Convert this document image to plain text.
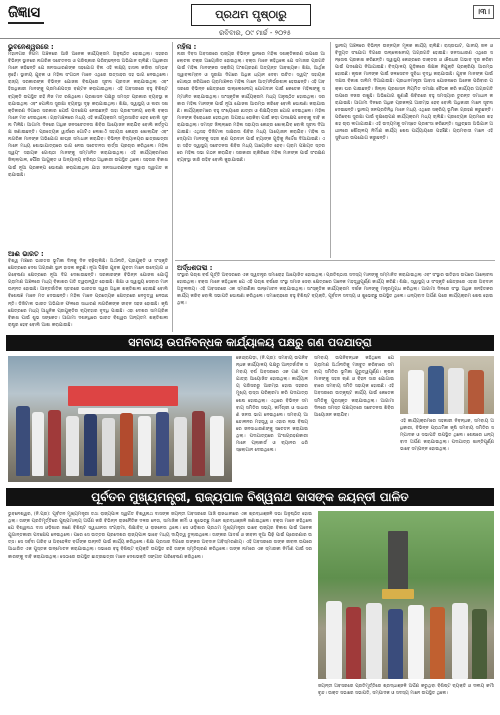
ଜିଜ୍ଞାସ	ପ୍ରଥମ ପୃଷ୍ଠାରୁ
ରବିବାର, ୦୯ ମାର୍ଚ୍ଚ - ୨୦୨୫
।୩।
ଭୁବନେଶ୍ୱରରେ :
ମହାନଗର ନିଗମ ଅଞ୍ଚଳରେ ଆଜି ଅନେକ କାର୍ଯ୍ୟକ୍ରମ ଅନୁଷ୍ଠିତ ହୋଇଥିଲା। ସହରର ବିଭିନ୍ନ ସ୍ଥାନରେ ନାଗରିକ ସଚେତନତା ଓ ପରିଷ୍କାର ପରିଚ୍ଛନ୍ନତା ଅଭିଯାନ ଚାଲିଛି। ଅଧିକାରୀ ମାନେ କହିଛନ୍ତି ଯେ ଜନସାଧାରଣଙ୍କ ସହଯୋଗ ବିନା ଏହି ଲକ୍ଷ୍ୟ ହାସଲ କରିବା ସମ୍ଭବ ନୁହେଁ। ସ୍ଥାନୀୟ ଯୁବକ ଓ ମହିଳା ସଂଗଠନ ମାନେ ଏଥିରେ ଉତ୍ସାହର ସହ ଭାଗ ନେଇଥିଲେ। ରାଜ୍ୟ ସରକାରଙ୍କ ବିଭିନ୍ନ ଯୋଜନା ବିଷୟରେ ସୂଚନା ପ୍ରଦାନ କରାଯାଇଥିଲା ଏବଂ ହିତାଧିକାରୀ ମାନଙ୍କୁ ପ୍ରମାଣପତ୍ର ବଣ୍ଟନ କରାଯାଇଥିଲା। ଏହି ଅବସରରେ ବହୁ ବିଶିଷ୍ଟ ବ୍ୟକ୍ତି ଉପସ୍ଥିତ ରହି ନିଜ ମତ ରଖିଥିଲେ। ପ୍ରଶାସନ ପକ୍ଷରୁ ସମସ୍ତ ପ୍ରକାର ବ୍ୟବସ୍ଥା କରାଯାଇଥିଲା ଏବଂ ପୋଲିସ ସୁରକ୍ଷା ବ୍ୟବସ୍ଥା ଦୃଢ଼ କରାଯାଇଥିଲା। ଶିକ୍ଷା, ସ୍ୱାସ୍ଥ୍ୟ ଓ ନାରୀ ସଶକ୍ତିକରଣ ଦିଗରେ ସରକାର ଯେଉଁ ପଦକ୍ଷେପ ନେଇଛନ୍ତି ତାହା ପ୍ରଶଂସନୀୟ ବୋଲି ବକ୍ତା ମାନେ ମତ ଦେଇଥିଲେ। ଗ୍ରାମାଞ୍ଚଳରେ ମଧ୍ୟ ଏହି କାର୍ଯ୍ୟକ୍ରମ ସମ୍ପ୍ରସାରିତ ହେବ ବୋଲି ସୂଚନା ମିଳିଛି। ଆଗାମୀ ଦିନରେ ଅଧିକ ଜନସଚେତନତା ଶିବିର ଆୟୋଜନ କରାଯିବ ବୋଲି କର୍ତ୍ତୃପକ୍ଷ ଜଣାଇଛନ୍ତି। ପ୍ରତ୍ୟେକ ୱାର୍ଡରେ ଗୋଟିଏ ଲେଖାଏଁ ସହାୟତା କେନ୍ଦ୍ର ଖୋଲାଯିବ ଏବଂ ନାଗରିକ ମାନଙ୍କ ଅଭିଯୋଗ ଶୀଘ୍ର ସମାଧାନ କରାଯିବ। ବିଭିନ୍ନ ବିଦ୍ୟାଳୟର ଛାତ୍ରଛାତ୍ରୀ ମାନେ ମଧ୍ୟ ଶୋଭାଯାତ୍ରାରେ ଭାଗ ନେଇ ସଚେତନତା ବାର୍ତ୍ତା ପ୍ରଚାର କରିଥିଲେ। ମହିଳା ସ୍ୱୟଂ ସହାୟକ ଗୋଷ୍ଠୀ ମାନଙ୍କୁ ସମ୍ମାନିତ କରାଯାଇଥିଲା। ଏହି କାର୍ଯ୍ୟକ୍ରମରେ ଜିଲ୍ଲାପାଳ, ପୌର ଆୟୁକ୍ତ ଓ ଅନ୍ୟାନ୍ୟ ବରିଷ୍ଠ ଅଧିକାରୀ ଉପସ୍ଥିତ ଥିଲେ। ସହରର ବିକାଶ ପାଇଁ ନୂଆ ପ୍ରକଳ୍ପ ଘୋଷଣା କରାଯାଇଥିଲା ଯାହା ଜନସାଧାରଣଙ୍କ ଦ୍ୱାରା ସ୍ୱାଗତ କରାଯାଇଛି।
ଆଈ ଭାରତ :
ବିଶ୍ୱ ମଞ୍ଚରେ ଭାରତର ଭୂମିକା ଦିନକୁ ଦିନ ବଢ଼ିଚାଲିଛି। ଅର୍ଥନୀତି, ପ୍ରଯୁକ୍ତି ଓ ସଂସ୍କୃତି କ୍ଷେତ୍ରରେ ଦେଶ ଅଗ୍ରଣୀ ସ୍ଥାନ ହାସଲ କରୁଛି। ନୂଆ ପିଢ଼ିର ଯୁବକ ଯୁବତୀ ମାନେ ଉଦ୍ୟୋଗ ଓ ଗବେଷଣା କ୍ଷେତ୍ରରେ ନୂଆ ଦିଗ ଦେଖାଉଛନ୍ତି। ସରକାରଙ୍କ ବିଭିନ୍ନ ଯୋଜନା ଯୋଗୁଁ ଗ୍ରାମୀଣ ଅଞ୍ଚଳରେ ମଧ୍ୟ ବିକାଶର ଗତି ତ୍ୱରାନ୍ୱିତ ହୋଇଛି। ଶିକ୍ଷା ଓ ସ୍ୱାସ୍ଥ୍ୟ ସେବାର ମାନ ଉନ୍ନତ ହୋଇଛି। ଆନ୍ତର୍ଜାତିକ ସ୍ତରରେ ଭାରତର ସ୍ୱର ଅଧିକ ଶକ୍ତିଶାଳୀ ହୋଇଛି ବୋଲି ବିଶେଷଜ୍ଞ ମାନେ ମତ ଦେଉଛନ୍ତି। ମହିଳା ମାନେ ପ୍ରତ୍ୟେକ କ୍ଷେତ୍ରରେ ନେତୃତ୍ୱ ନେଉଛନ୍ତି। ଡିଜିଟାଲ ଭାରତ ଅଭିଯାନ ଫଳରେ ସାଧାରଣ ନାଗରିକଙ୍କ ଜୀବନ ସହଜ ହୋଇଛି। କୃଷି କ୍ଷେତ୍ରରେ ମଧ୍ୟ ଆଧୁନିକ ପ୍ରଯୁକ୍ତିର ବ୍ୟବହାର ବୃଦ୍ଧି ପାଇଛି। ଏହା ଦେଶର ସାମଗ୍ରିକ ବିକାଶ ପାଇଁ ଶୁଭ ସଙ୍କେତ। ଆଗାମୀ ଦଶନ୍ଧିରେ ଭାରତ ବିଶ୍ୱର ଅନ୍ୟତମ ଶକ୍ତିଶାଳୀ ରାଷ୍ଟ୍ର ହେବ ବୋଲି ଆଶା କରାଯାଉଛି।
ମହିଳା :
ନାରୀ ଦିବସ ଅବସରରେ ରାଜ୍ୟର ବିଭିନ୍ନ ସ୍ଥାନରେ ମହିଳା ସଶକ୍ତିକରଣ ଉପରେ ଆଲୋଚନା ଚକ୍ର ଆୟୋଜିତ ହୋଇଥିଲା। ବକ୍ତା ମାନେ କହିଥିଲେ ଯେ ସମାଜର ପ୍ରଗତି ପାଇଁ ମହିଳା ମାନଙ୍କର ସକ୍ରିୟ ଅଂଶଗ୍ରହଣ ଅତ୍ୟନ୍ତ ଆବଶ୍ୟକ। ଶିକ୍ଷା, ଆର୍ଥିକ ସ୍ୱାବଲମ୍ବନ ଓ ସୁରକ୍ଷା ଦିଗରେ ଅଧିକ ଧ୍ୟାନ ଦେବା ଉଚିତ। ସ୍ୱୟଂ ସହାୟକ ଗୋଷ୍ଠୀ ଜରିଆରେ ଗ୍ରାମାଞ୍ଚଳର ମହିଳା ମାନେ ଆତ୍ମନିର୍ଭରଶୀଳ ହେଉଛନ୍ତି। ଏହି ଅବସରରେ ବିଭିନ୍ନ କ୍ଷେତ୍ରରେ ଉଲ୍ଲେଖନୀୟ ଯୋଗଦାନ ପାଇଁ କେତେକ ମହିଳାଙ୍କୁ ସମ୍ମାନିତ କରାଯାଇଥିଲା। ସାଂସ୍କୃତିକ କାର୍ଯ୍ୟକ୍ରମ ମଧ୍ୟ ଅନୁଷ୍ଠିତ ହୋଇଥିଲା। ସରକାର ମହିଳା ମାନଙ୍କ ପାଇଁ ନୂଆ ଯୋଜନା ଆରମ୍ଭ କରିବେ ବୋଲି ଘୋଷଣା କରାଯାଇଛି। କାର୍ଯ୍ୟକ୍ରମରେ ବହୁ ସଂଖ୍ୟାରେ ଛାତ୍ରୀ ଓ ଶିକ୍ଷୟିତ୍ରୀ ଯୋଗ ଦେଇଥିଲେ। ମହିଳା ମାନଙ୍କ ବିରୋଧରେ ହେଉଥିବା ଅପରାଧ ରୋକିବା ପାଇଁ କଡ଼ା ପଦକ୍ଷେପ ନେବାକୁ ଦାବି କରାଯାଇଥିଲା। ସମସ୍ତ ଜିଲ୍ଲାରେ ମହିଳା ସହାୟତା କେନ୍ଦ୍ର ଖୋଲାଯିବ ବୋଲି ସୂଚନା ଦିଆଯାଇଛି। ଏଥିସହ ଡିଜିଟାଲ ସାକ୍ଷରତା ଶିବିର ମଧ୍ୟ ଆୟୋଜନ କରାଯିବ। ମହିଳା ଉଦ୍ୟୋଗୀ ମାନଙ୍କୁ ସହଜ ଋଣ ପ୍ରଦାନ ପାଇଁ ବ୍ୟାଙ୍କ ଗୁଡ଼ିକୁ ନିର୍ଦ୍ଦେଶ ଦିଆଯାଇଛି। ଏହା ସହିତ ସ୍ୱାସ୍ଥ୍ୟ ସଚେତନତା ଶିବିର ମଧ୍ୟ ଆୟୋଜିତ ହେବ। ଗ୍ରାମ ପଞ୍ଚାୟତ ସ୍ତରରେ ମହିଳା ସଭା ଗଠନ କରାଯିବ। ସରକାରୀ ଚାକିରିରେ ମହିଳା ମାନଙ୍କ ପାଇଁ ସଂରକ୍ଷଣ ବ୍ୟବସ୍ଥା ଜାରି ରହିବ ବୋଲି କୁହାଯାଇଛି।
ସ୍ଥାନୀୟ ଅଞ୍ଚଳରେ ବିଭିନ୍ନ ଉନ୍ନୟନ ମୂଳକ କାର୍ଯ୍ୟ ଚାଲିଛି। ରାସ୍ତାଘାଟ, ପାନୀୟ ଜଳ ଓ ବିଦ୍ୟୁତ ସଂଯୋଗ ଦିଗରେ ଉଲ୍ଲେଖନୀୟ ଅଗ୍ରଗତି ହୋଇଛି। ଜନସାଧାରଣ ଏଥିରେ ସନ୍ତୋଷ ପ୍ରକାଶ କରିଛନ୍ତି। ସ୍ୱାସ୍ଥ୍ୟ କେନ୍ଦ୍ରରେ ଡାକ୍ତର ଓ ଔଷଧର ଅଭାବ ଦୂର କରିବା ପାଇଁ ପଦକ୍ଷେପ ନିଆଯାଇଛି। ବିଦ୍ୟାଳୟ ଗୁଡ଼ିକରେ ଶିକ୍ଷକ ନିଯୁକ୍ତି ପ୍ରକ୍ରିୟା ଆରମ୍ଭ ହୋଇଛି। କୃଷକ ମାନଙ୍କ ପାଇଁ ଜଳସେଚନ ସୁବିଧା ବୃଦ୍ଧି କରାଯାଉଛି। ଯୁବକ ମାନଙ୍କ ପାଇଁ ଦକ୍ଷତା ବିକାଶ ତାଲିମ ଦିଆଯାଉଛି। ପ୍ରଧାନମନ୍ତ୍ରୀ ଆବାସ ଯୋଜନାରେ ଅନେକ ପରିବାର ପକ୍କା ଘର ପାଇଛନ୍ତି। ଜିଲ୍ଲା ପ୍ରଶାସନ ନିୟମିତ ସମୀକ୍ଷା ବୈଠକ କରି କାର୍ଯ୍ୟର ଅଗ୍ରଗତି ଉପରେ ନଜର ରଖୁଛି। ଅଭିଯୋଗ ଶୁଣାଣି ଶିବିରରେ ବହୁ ସମସ୍ୟାର ତୁରନ୍ତ ସମାଧାନ କରାଯାଇଛି। ଆଗାମୀ ଦିନରେ ଅଧିକ ପ୍ରକଳ୍ପ ଆରମ୍ଭ ହେବ ବୋଲି ଅଧିକାରୀ ମାନେ ସୂଚନା ଦେଇଛନ୍ତି। ସ୍ଥାନୀୟ ଜନପ୍ରତିନିଧି ମାନେ ମଧ୍ୟ ଏଥିରେ ସକ୍ରିୟ ଭୂମିକା ଗ୍ରହଣ କରୁଛନ୍ତି। ପରିବେଶ ସୁରକ୍ଷା ପାଇଁ ବୃକ୍ଷରୋପଣ କାର୍ଯ୍ୟକ୍ରମ ମଧ୍ୟ ଚାଲିଛି। ପ୍ରତ୍ୟେକ ଗ୍ରାମରେ ଶହ ଶହ ଚାରା ଲଗାଯାଉଛି। ଏହି ଉଦ୍ୟମକୁ ସମସ୍ତେ ପ୍ରଶଂସା କରିଛନ୍ତି। ସ୍ୱଚ୍ଛତା ଅଭିଯାନ ଅଧୀନରେ ଶୌଚାଳୟ ନିର୍ମାଣ କାର୍ଯ୍ୟ ଶେଷ ପର୍ଯ୍ୟାୟରେ ପହଞ୍ଚିଛି। ଗ୍ରାମବାସୀ ମାନେ ଏହି ସୁବିଧାର ଉପଯୋଗ କରୁଛନ୍ତି।
ଅର୍ଦ୍ଧଶତାବ୍ଦୀ :
ସଂସ୍ଥାର ପଚାଶ ବର୍ଷ ପୂର୍ତ୍ତି ଅବସରରେ ଏକ ସ୍ୱତନ୍ତ୍ର ସମାରୋହ ଆୟୋଜିତ ହୋଇଥିଲା। ପ୍ରତିଷ୍ଠାତା ସଦସ୍ୟ ମାନଙ୍କୁ ସମ୍ମାନିତ କରାଯାଇଥିଲା ଏବଂ ସଂସ୍ଥାର ଇତିହାସ ଉପରେ ଆଲୋଚନା ହୋଇଥିଲା। ବକ୍ତା ମାନେ କହିଥିଲେ ଯେ ଏହି ପଚାଶ ବର୍ଷରେ ସଂସ୍ଥା ସମାଜ ସେବା କ୍ଷେତ୍ରରେ ଅନେକ ମହତ୍ତ୍ୱପୂର୍ଣ୍ଣ କାର୍ଯ୍ୟ କରିଛି। ଶିକ୍ଷା, ସ୍ୱାସ୍ଥ୍ୟ ଓ ସଂସ୍କୃତି କ୍ଷେତ୍ରରେ ଏହାର ଅବଦାନ ଅତୁଳନୀୟ। ଏହି ଅବସରରେ ଏକ ସ୍ମରଣିକା ଉନ୍ମୋଚନ କରାଯାଇଥିଲା। ସାଂସ୍କୃତିକ କାର୍ଯ୍ୟକ୍ରମ ଦର୍ଶକ ମାନଙ୍କୁ ମନ୍ତ୍ରମୁଗ୍ଧ କରିଥିଲା। ଆଗାମୀ ଦିନରେ ସଂସ୍ଥା ଅଧିକ ଜନହିତକର କାର୍ଯ୍ୟ କରିବ ବୋଲି ସଭାପତି ଘୋଷଣା କରିଥିଲେ। ସମାରୋହରେ ବହୁ ବିଶିଷ୍ଟ ବ୍ୟକ୍ତି, ପୂର୍ବତନ ସଦସ୍ୟ ଓ ଶୁଭେଚ୍ଛୁ ଉପସ୍ଥିତ ଥିଲେ। ଧନ୍ୟବାଦ ଅର୍ପଣ ପରେ କାର୍ଯ୍ୟକ୍ରମ ଶେଷ ହୋଇଥିଲା।
ସମବାୟ ଉପନିବନ୍ଧକ କାର୍ଯ୍ୟାଳୟ ପକ୍ଷରୁ ଗଣ ପଦଯାତ୍ରା
କେନ୍ଦ୍ରାପଡ଼ା, (ନି.ପ୍ର): ସମବାୟ ଉପନିବନ୍ଧକ କାର୍ଯ୍ୟାଳୟ ପକ୍ଷରୁ ଆନ୍ତର୍ଜାତିକ ସମବାୟ ବର୍ଷ ଅବସରରେ ଏକ ଗଣ ପଦଯାତ୍ରା ଆୟୋଜିତ ହୋଇଥିଲା। କାର୍ଯ୍ୟାଳୟ ପରିସରରୁ ଆରମ୍ଭ ହୋଇ ସହରର ମୁଖ୍ୟ ରାସ୍ତା ପରିକ୍ରମା କରି ପଦଯାତ୍ରା ଶେଷ ହୋଇଥିଲା। ଏଥିରେ ବିଭିନ୍ନ ସମବାୟ ସମିତିର ସଭ୍ୟ, କର୍ମଚାରୀ ଓ ସାଧାରଣ ଜନତା ଭାଗ ନେଇଥିଲେ। ସମବାୟ ଆନ୍ଦୋଳନର ମହତ୍ତ୍ୱ ଓ ଏହାର ଲାଭ ବିଷୟରେ ଜନସାଧାରଣଙ୍କୁ ସଚେତନ କରାଯାଇଥିଲା। ପଦଯାତ୍ରାରେ ଅଂଶଗ୍ରହଣକାରୀ ମାନେ ପ୍ଲାକାର୍ଡ ଓ ବ୍ୟାନର ଧରି ସ୍ଲୋଗାନ ଦେଇଥିଲେ।
ସମବାୟ ଉପନିବନ୍ଧକ କହିଥିଲେ ଯେ ଗ୍ରାମୀଣ ଅର୍ଥନୀତିକୁ ମଜବୁତ କରିବାରେ ସମବାୟ ସମିତିର ଭୂମିକା ଗୁରୁତ୍ୱପୂର୍ଣ୍ଣ। କୃଷକ ମାନଙ୍କୁ ସହଜ ଋଣ ଓ ବିହନ ସାର ଯୋଗାଇବାରେ ସମବାୟ ସମିତି ସହାୟକ ହୋଇଛି। ଏହି ଅବସରରେ ଉତ୍କୃଷ୍ଟ କାର୍ଯ୍ୟ ପାଇଁ କେତେକ ସମିତିକୁ ପୁରସ୍କୃତ କରାଯାଇଥିଲା। ଆଗାମୀ ଦିନରେ ସମସ୍ତ ପଞ୍ଚାୟତରେ ସଚେତନତା ଶିବିର ଆୟୋଜନ କରାଯିବ।
ଏହି କାର୍ଯ୍ୟକ୍ରମରେ ସହକାରୀ ନିବନ୍ଧକ, ସମବାୟ ଅଧିକାରୀ, ବିଭିନ୍ନ ପ୍ରାଥମିକ କୃଷି ସମବାୟ ସମିତିର ସମ୍ପାଦକ ଓ ସଭାପତି ଉପସ୍ଥିତ ଥିଲେ। ଶେଷରେ ଧନ୍ୟବାଦ ଅର୍ପଣ କରାଯାଇଥିଲା। ପଦଯାତ୍ରା ଶାନ୍ତିପୂର୍ଣ୍ଣ ଭାବେ ସମ୍ପନ୍ନ ହୋଇଥିଲା।
ପୂର୍ବତନ ମୁଖ୍ୟମନ୍ତ୍ରୀ, ରାଜ୍ୟପାଳ ବିଶ୍ୱନାଥ ଦାସଙ୍କ ଜୟନ୍ତୀ ପାଳିତ
ଭୁବନେଶ୍ୱର, (ନି.ପ୍ର): ପୂର୍ବତନ ମୁଖ୍ୟମନ୍ତ୍ରୀ ତଥା ରାଜ୍ୟପାଳ ସ୍ୱର୍ଗତ ବିଶ୍ୱନାଥ ଦାସଙ୍କ ଜୟନ୍ତୀ ଅବସରରେ ଆଜି ରାଜଧାନୀରେ ଏକ ଶ୍ରଦ୍ଧାଞ୍ଜଳି ସଭା ଅନୁଷ୍ଠିତ ହୋଇଥିଲା। ତାଙ୍କ ପ୍ରତିମୂର୍ତ୍ତିରେ ପୁଷ୍ପମାଲ୍ୟ ଅର୍ପଣ କରି ବିଭିନ୍ନ ରାଜନୈତିକ ଦଳର ନେତା, ସାମାଜିକ କର୍ମୀ ଓ ଶୁଭେଚ୍ଛୁ ମାନେ ଶ୍ରଦ୍ଧାଞ୍ଜଳି ଜଣାଇଥିଲେ। ବକ୍ତା ମାନେ କହିଥିଲେ ଯେ ବିଶ୍ୱନାଥ ଦାସ ଓଡ଼ିଶାର ଜଣେ ବିଶିଷ୍ଟ ସ୍ୱାଧୀନତା ସଂଗ୍ରାମୀ, ଶିକ୍ଷାବିତ୍ ଓ ରାଜନେତା ଥିଲେ। ସେ ଓଡ଼ିଶାର ପ୍ରଥମ ମୁଖ୍ୟମନ୍ତ୍ରୀ ଭାବେ ରାଜ୍ୟର ବିକାଶ ପାଇଁ ଅନେକ ଯୁଗାନ୍ତକାରୀ ପଦକ୍ଷେପ ନେଇଥିଲେ। ପରେ ସେ ଉତ୍ତର ପ୍ରଦେଶର ରାଜ୍ୟପାଳ ଭାବେ ମଧ୍ୟ ଦାୟିତ୍ୱ ତୁଲାଇଥିଲେ। ତାଙ୍କର ଆଦର୍ଶ ଓ ଜୀବନୀ ନୂଆ ପିଢ଼ି ପାଇଁ ପ୍ରେରଣାର ଉତ୍ସ। ସେ ସର୍ବଦା ଗରିବ ଓ ଅବହେଳିତ ବର୍ଗଙ୍କ ଉନ୍ନତି ପାଇଁ କାର୍ଯ୍ୟ କରିଥିଲେ। ଶିକ୍ଷା ପ୍ରସାର ଦିଗରେ ତାଙ୍କର ଅବଦାନ ଅବିସ୍ମରଣୀୟ। ଏହି ଅବସରରେ ତାଙ୍କ ଜୀବନୀ ଉପରେ ଆଧାରିତ ଏକ ପୁସ୍ତକ ଉନ୍ମୋଚନ କରାଯାଇଥିଲା। ସଭାରେ ବହୁ ବିଶିଷ୍ଟ ବ୍ୟକ୍ତି ଉପସ୍ଥିତ ରହି ତାଙ୍କ ସ୍ମୃତିଚାରଣ କରିଥିଲେ। ତାଙ୍କ ନାମରେ ଏକ ସ୍ମାରକୀ ନିର୍ମାଣ ପାଇଁ ସରକାରଙ୍କୁ ଦାବି କରାଯାଇଥିଲା। ସେଠାରେ ଉପସ୍ଥିତ ଛାତ୍ରଛାତ୍ରୀ ମାନେ ଦେଶଭକ୍ତି ସଙ୍ଗୀତ ପରିବେଷଣ କରିଥିଲେ।
ଜୟନ୍ତୀ ଅବସରରେ ପ୍ରତିମୂର୍ତ୍ତିରେ ଶ୍ରଦ୍ଧାଞ୍ଜଳି ଅର୍ପଣ କରୁଥିବା ବିଶିଷ୍ଟ ବ୍ୟକ୍ତି ଓ ଦଳୀୟ କର୍ମୀ ବୃନ୍ଦ। ଉକ୍ତ ସଭାରେ ସଭାପତି, ସମ୍ପାଦକ ଓ ସଦସ୍ୟ ମାନେ ଉପସ୍ଥିତ ଥିଲେ।
